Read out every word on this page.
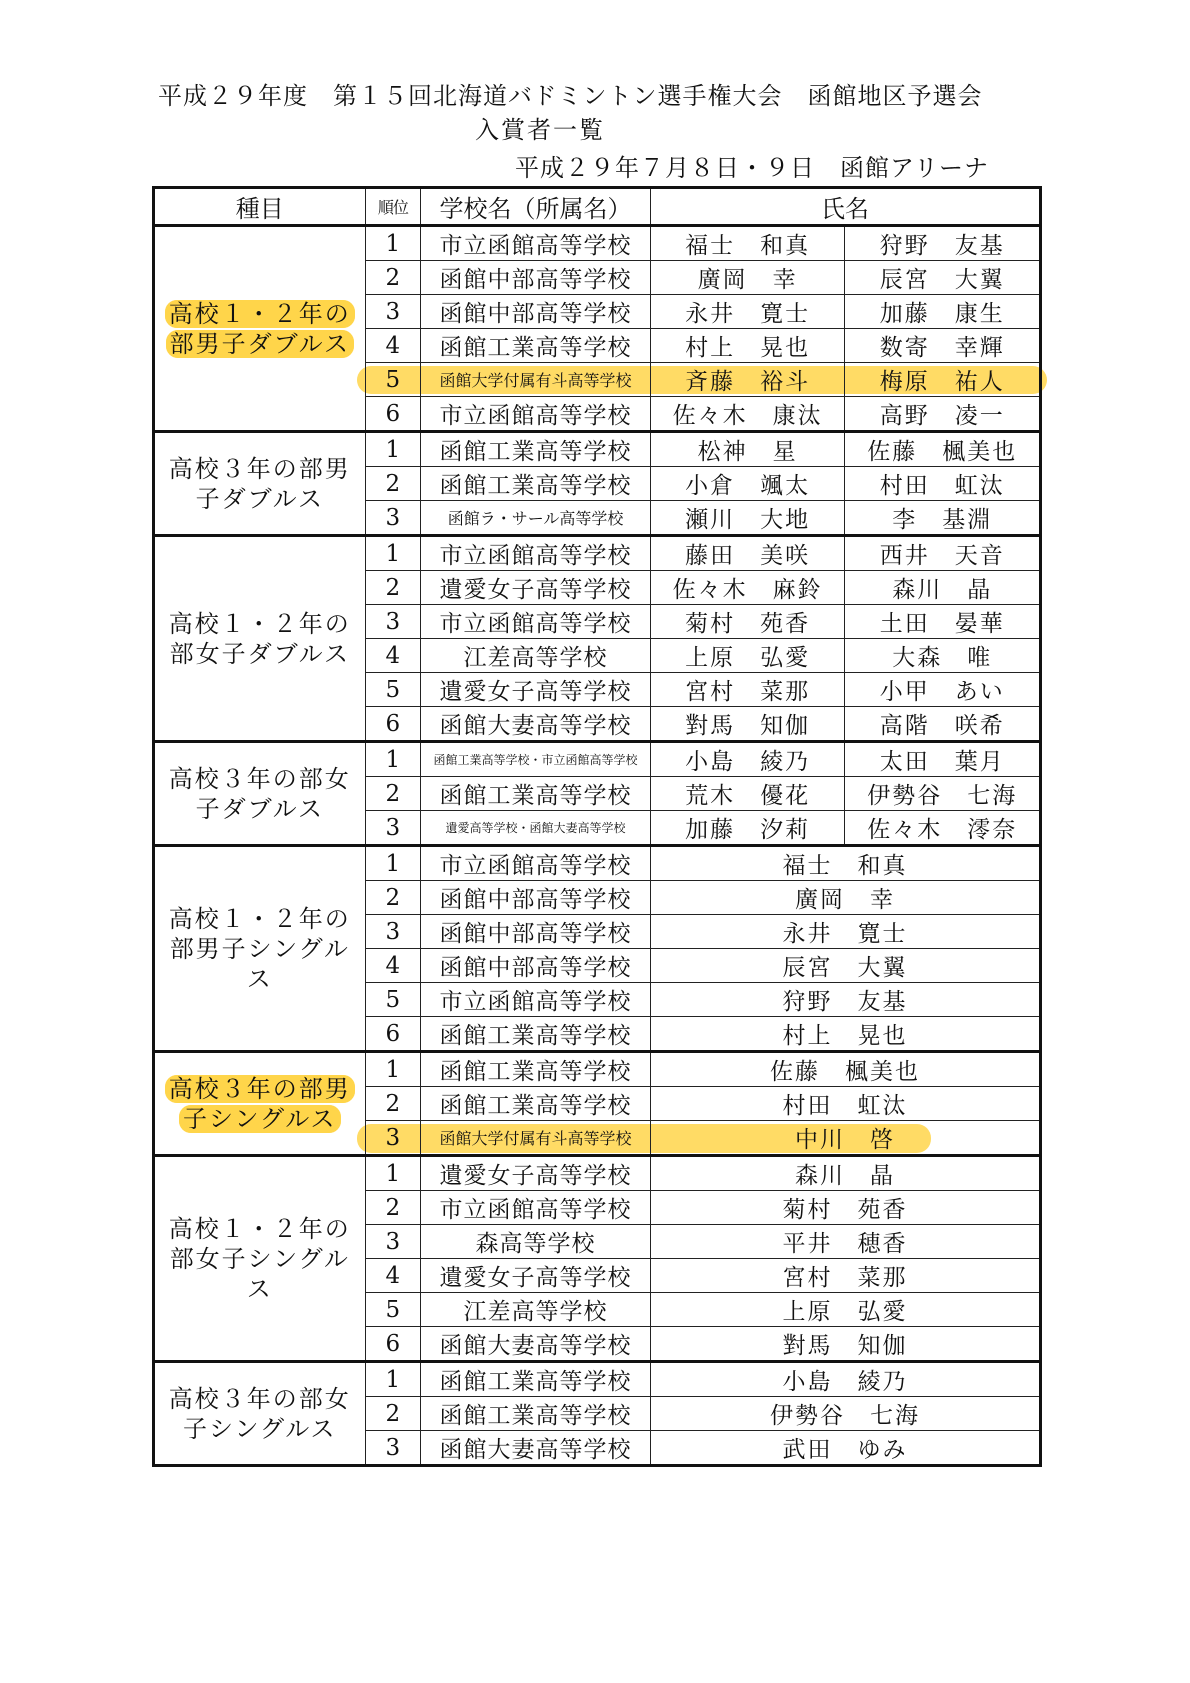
平成２９年度　第１５回北海道バドミントン選手権大会　函館地区予選会
入賞者一覧
平成２９年７月８日・９日　函館アリーナ
種目	順位	学校名（所属名）	氏名	
高校１・２年の部男子ダブルス	1	市立函館高等学校	福士　和真	狩野　友基
	2	函館中部高等学校	廣岡　幸	辰宮　大翼
	3	函館中部高等学校	永井　寛士	加藤　康生
	4	函館工業高等学校	村上　晃也	数寄　幸輝
	5	函館大学付属有斗高等学校	斉藤　裕斗	梅原　祐人
	6	市立函館高等学校	佐々木　康汰	高野　凌一
高校３年の部男子ダブルス	1	函館工業高等学校	松神　星	佐藤　楓美也
	2	函館工業高等学校	小倉　颯太	村田　虹汰
	3	函館ラ・サール高等学校	瀬川　大地	李　基淵
高校１・２年の部女子ダブルス	1	市立函館高等学校	藤田　美咲	西井　天音
	2	遺愛女子高等学校	佐々木　麻鈴	森川　晶
	3	市立函館高等学校	菊村　苑香	土田　晏華
	4	江差高等学校	上原　弘愛	大森　唯
	5	遺愛女子高等学校	宮村　菜那	小甲　あい
	6	函館大妻高等学校	對馬　知伽	高階　咲希
高校３年の部女子ダブルス	1	函館工業高等学校・市立函館高等学校	小島　綾乃	太田　葉月
	2	函館工業高等学校	荒木　優花	伊勢谷　七海
	3	遺愛高等学校・函館大妻高等学校	加藤　汐莉	佐々木　澪奈
高校１・２年の部男子シングルス	1	市立函館高等学校	福士　和真	
	2	函館中部高等学校	廣岡　幸	
	3	函館中部高等学校	永井　寛士	
	4	函館中部高等学校	辰宮　大翼	
	5	市立函館高等学校	狩野　友基	
	6	函館工業高等学校	村上　晃也	
高校３年の部男子シングルス	1	函館工業高等学校	佐藤　楓美也	
	2	函館工業高等学校	村田　虹汰	
	3	函館大学付属有斗高等学校	中川　啓	
高校１・２年の部女子シングルス	1	遺愛女子高等学校	森川　晶	
	2	市立函館高等学校	菊村　苑香	
	3	森高等学校	平井　穂香	
	4	遺愛女子高等学校	宮村　菜那	
	5	江差高等学校	上原　弘愛	
	6	函館大妻高等学校	對馬　知伽	
高校３年の部女子シングルス	1	函館工業高等学校	小島　綾乃	
	2	函館工業高等学校	伊勢谷　七海	
	3	函館大妻高等学校	武田　ゆみ	
